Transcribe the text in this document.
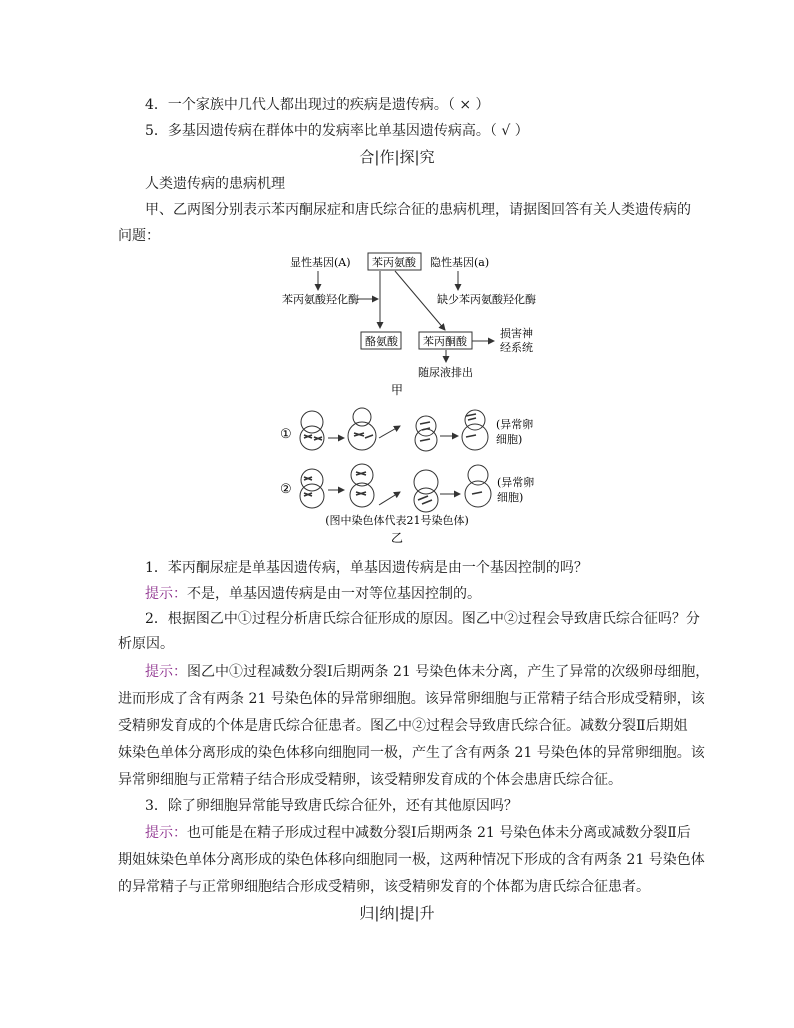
4．一个家族中几代人都出现过的疾病是遗传病。（ × ）
5．多基因遗传病在群体中的发病率比单基因遗传病高。（ √ ）
合|作|探|究
人类遗传病的患病机理
甲、乙两图分别表示苯丙酮尿症和唐氏综合征的患病机理，请据图回答有关人类遗传病的
问题：
显性基因(A) 苯丙氨酸 隐性基因(a)
苯丙氨酸羟化酶	缺少苯丙氨酸羟化酶
酪氨酸 苯丙酮酸
损害神
经系统
随尿液排出
甲
①
(异常卵
细胞)
②	(异常卵
细胞)
(图中染色体代表21号染色体)
乙
1．苯丙酮尿症是单基因遗传病，单基因遗传病是由一个基因控制的吗？
提示：不是，单基因遗传病是由一对等位基因控制的。
2．根据图乙中①过程分析唐氏综合征形成的原因。图乙中②过程会导致唐氏综合征吗？分
析原因。
提示：图乙中①过程减数分裂Ⅰ后期两条 21 号染色体未分离，产生了异常的次级卵母细胞，
进而形成了含有两条 21 号染色体的异常卵细胞。该异常卵细胞与正常精子结合形成受精卵，该
受精卵发育成的个体是唐氏综合征患者。图乙中②过程会导致唐氏综合征。减数分裂Ⅱ后期姐
妹染色单体分离形成的染色体移向细胞同一极，产生了含有两条 21 号染色体的异常卵细胞。该
异常卵细胞与正常精子结合形成受精卵，该受精卵发育成的个体会患唐氏综合征。
3．除了卵细胞异常能导致唐氏综合征外，还有其他原因吗？
提示：也可能是在精子形成过程中减数分裂Ⅰ后期两条 21 号染色体未分离或减数分裂Ⅱ后
期姐妹染色单体分离形成的染色体移向细胞同一极，这两种情况下形成的含有两条 21 号染色体
的异常精子与正常卵细胞结合形成受精卵，该受精卵发育的个体都为唐氏综合征患者。
归|纳|提|升
